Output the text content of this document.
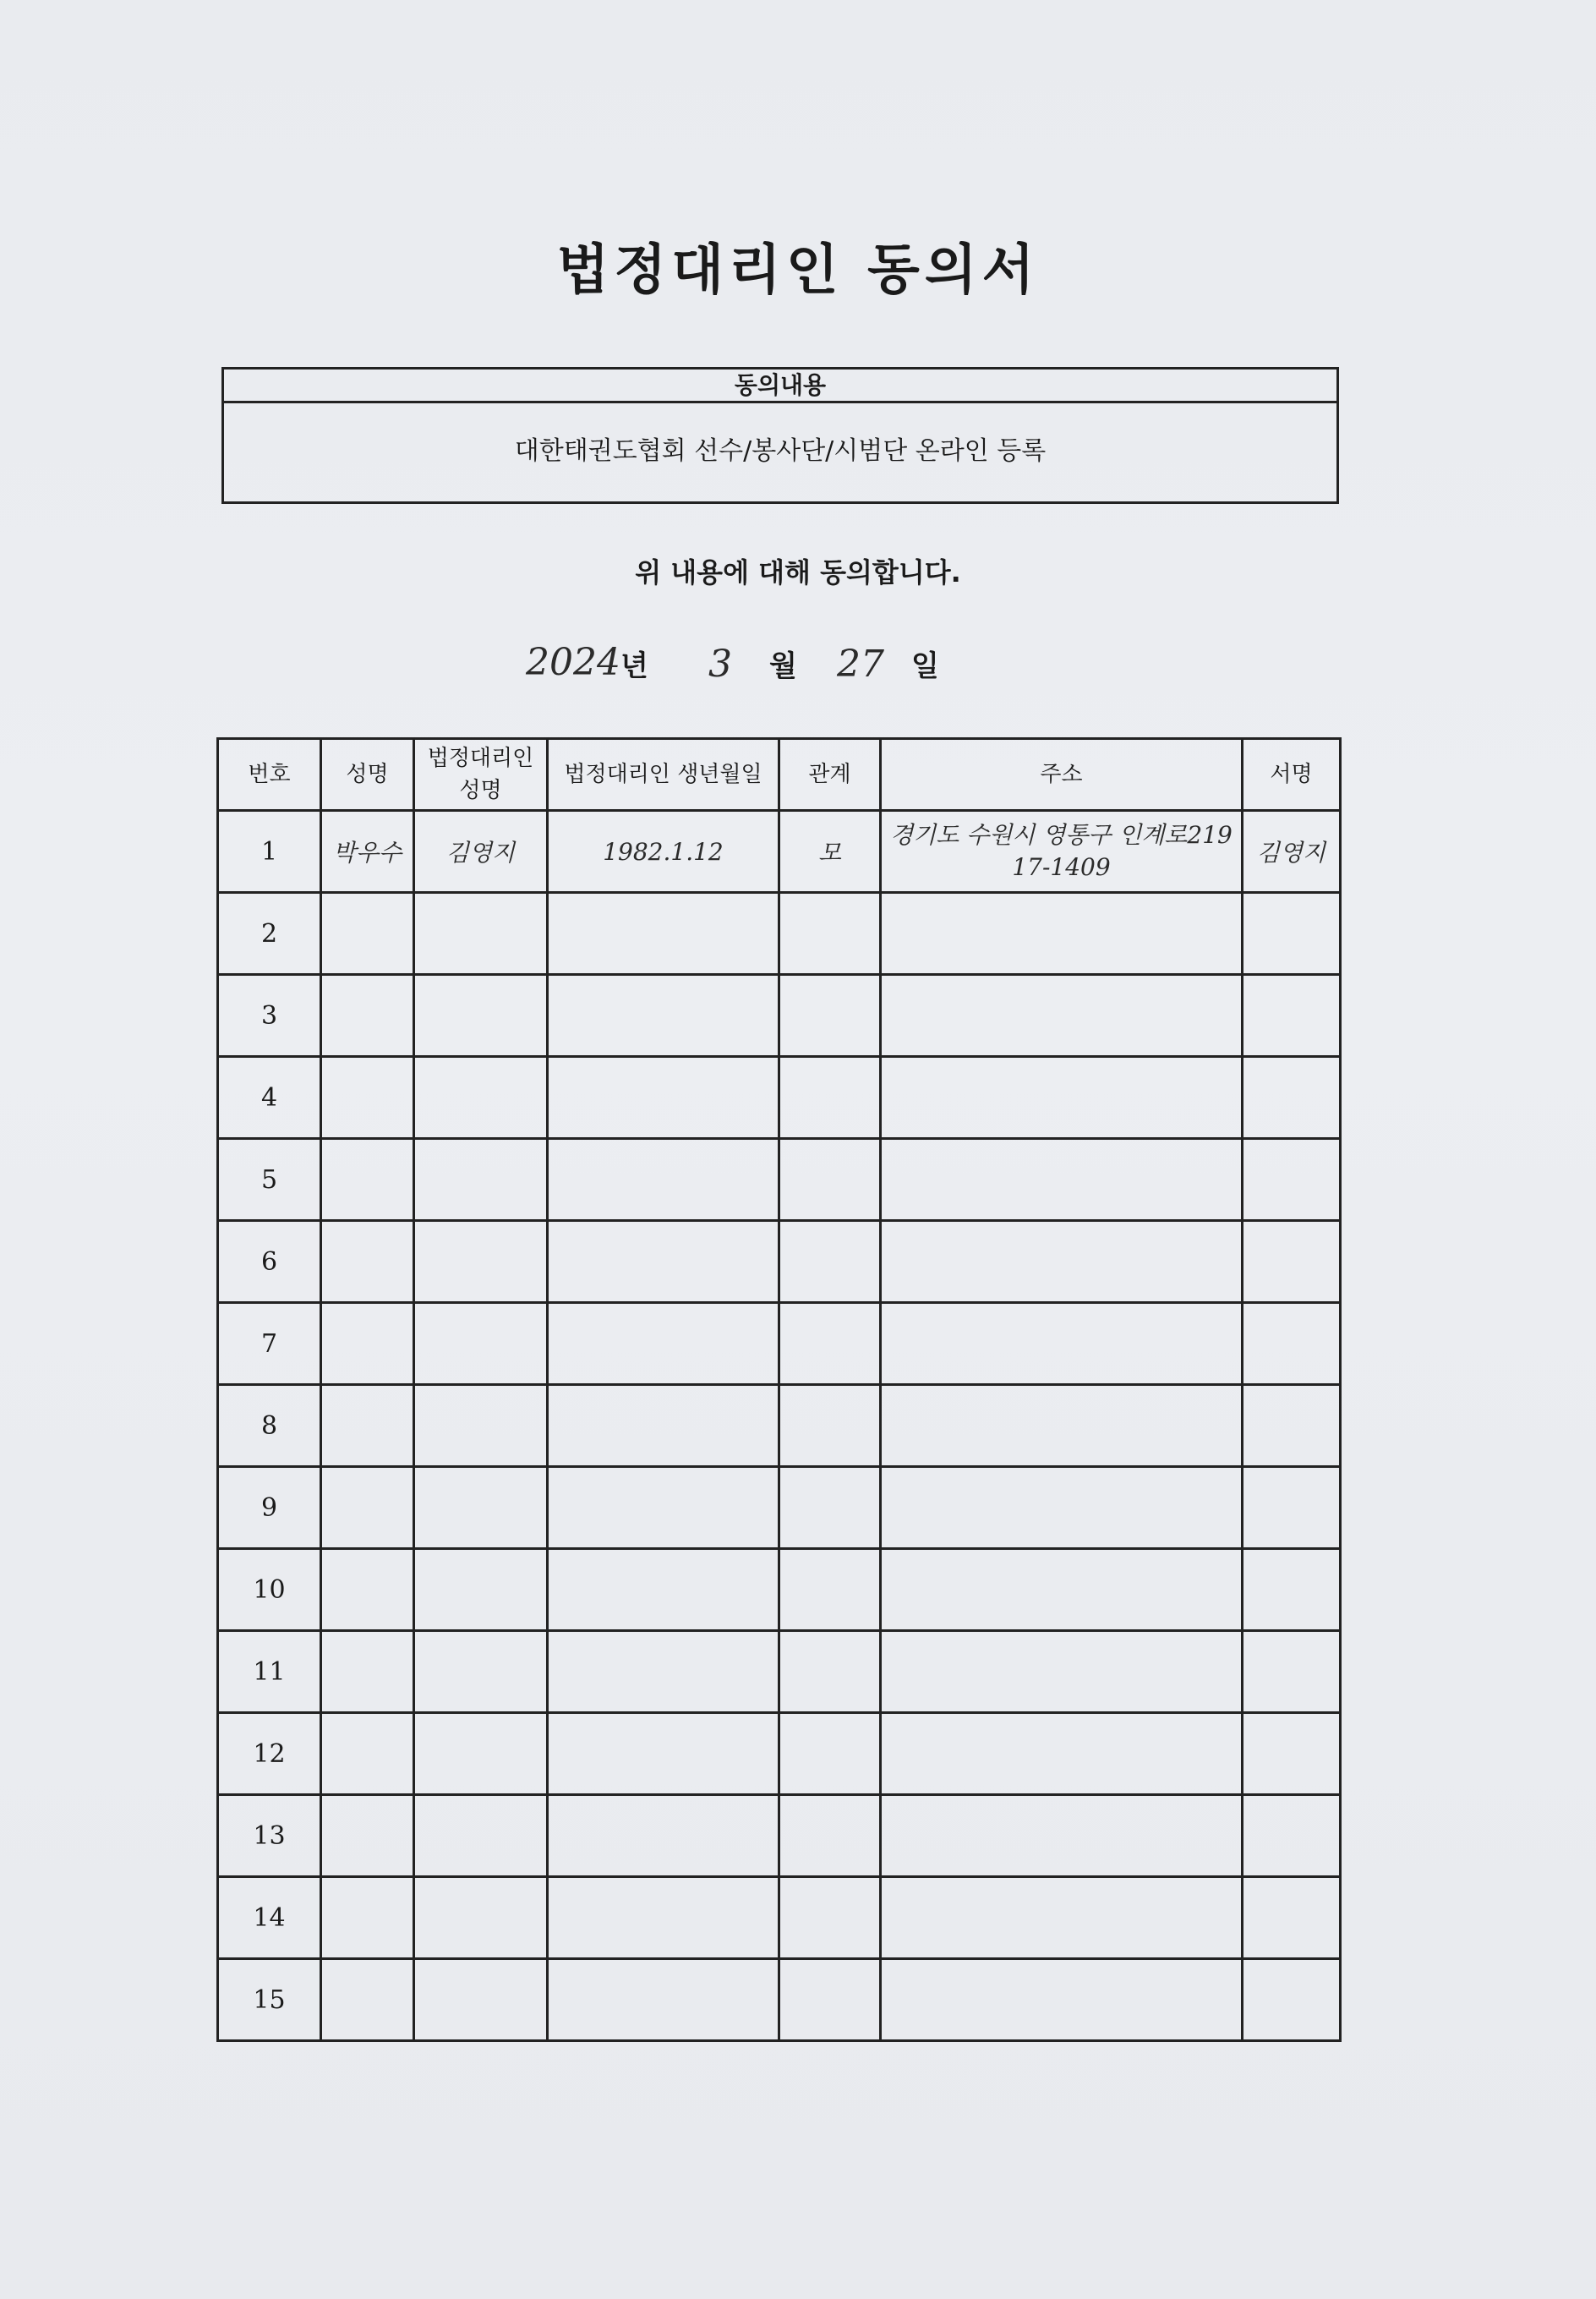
법정대리인 동의서
동의내용
대한태권도협회 선수/봉사단/시범단 온라인 등록
위 내용에 대해 동의합니다.
2024 년 3 월 27 일
번호	성명	법정대리인 성명	법정대리인 생년월일	관계	주소	서명
1	박우수	김영지	1982.1.12	모	경기도 수원시 영통구 인계로219 17-1409	김영지
2						
3						
4						
5						
6						
7						
8						
9						
10						
11						
12						
13						
14						
15						
